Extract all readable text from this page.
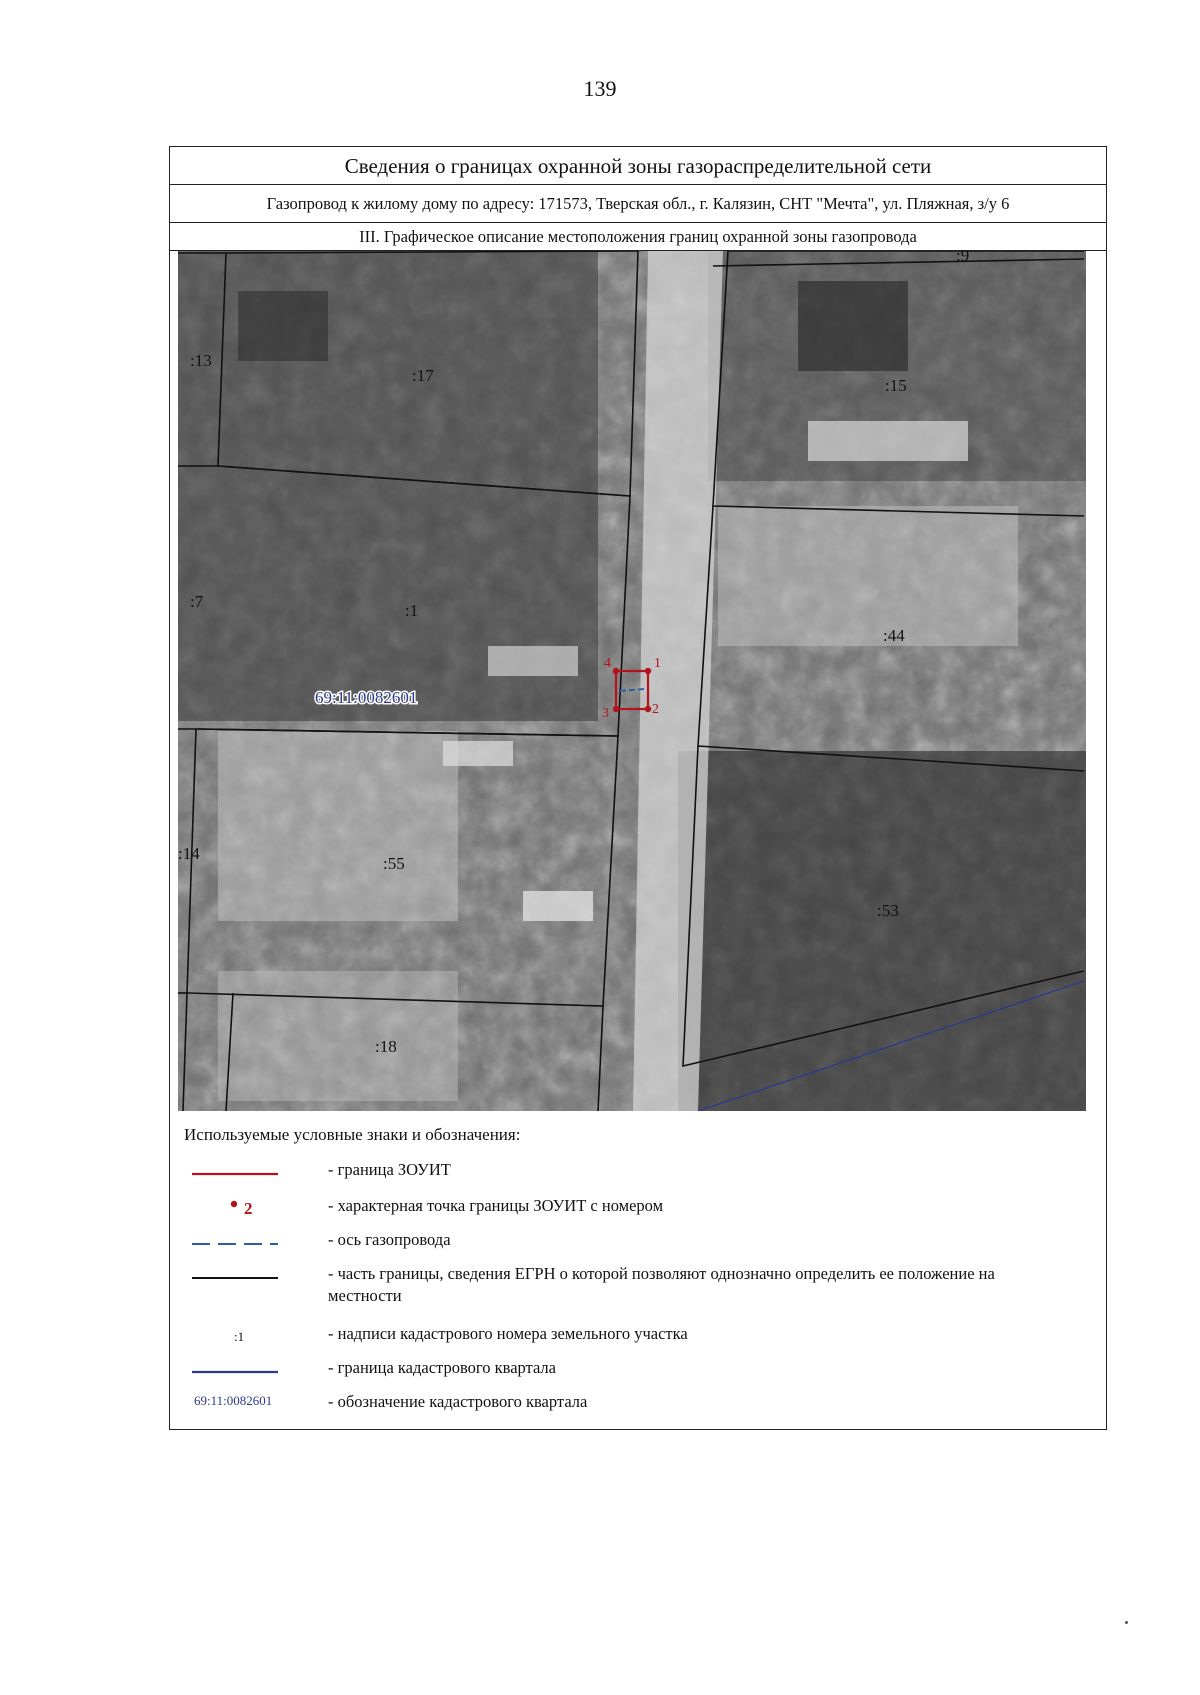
139
Сведения о границах охранной зоны газораспределительной сети
Газопровод к жилому дому по адресу: 171573, Тверская обл., г. Калязин, СНТ "Мечта", ул. Пляжная, з/у 6
III. Графическое описание местоположения границ охранной зоны газопровода
1
2
3
4
:13
:17
:15
:7	:1
:44
:14
:55
:53
:18
:9
69:11:0082601
Используемые условные знаки и обозначения:
- граница ЗОУИТ
2	- характерная точка границы ЗОУИТ с номером
- ось газопровода
- часть границы, сведения ЕГРН о которой позволяют однозначно определить ее положение на местности
:1	- надписи кадастрового номера земельного участка
- граница кадастрового квартала
69:11:0082601	- обозначение кадастрового квартала
